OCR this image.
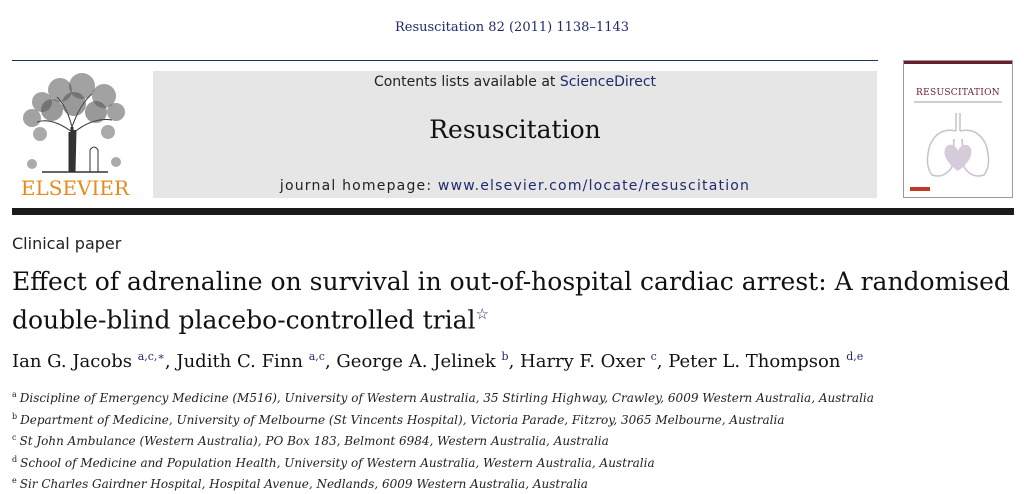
Resuscitation 82 (2011) 1138–1143
ELSEVIER
Contents lists available at ScienceDirect
Resuscitation
journal homepage: www.elsevier.com/locate/resuscitation
RESUSCITATION
Clinical paper
Effect of adrenaline on survival in out-of-hospital cardiac arrest: A randomised double-blind placebo-controlled trial☆
Ian G. Jacobs $^{a,c,∗}$, Judith C. Finn $^{a,c}$, George A. Jelinek $^b$, Harry F. Oxer $^c$, Peter L. Thompson $^{d,e}$
$^a$ Discipline of Emergency Medicine (M516), University of Western Australia, 35 Stirling Highway, Crawley, 6009 Western Australia, Australia
$^b$ Department of Medicine, University of Melbourne (St Vincents Hospital), Victoria Parade, Fitzroy, 3065 Melbourne, Australia
$^c$ St John Ambulance (Western Australia), PO Box 183, Belmont 6984, Western Australia, Australia
$^d$ School of Medicine and Population Health, University of Western Australia, Western Australia, Australia
$^e$ Sir Charles Gairdner Hospital, Hospital Avenue, Nedlands, 6009 Western Australia, Australia
